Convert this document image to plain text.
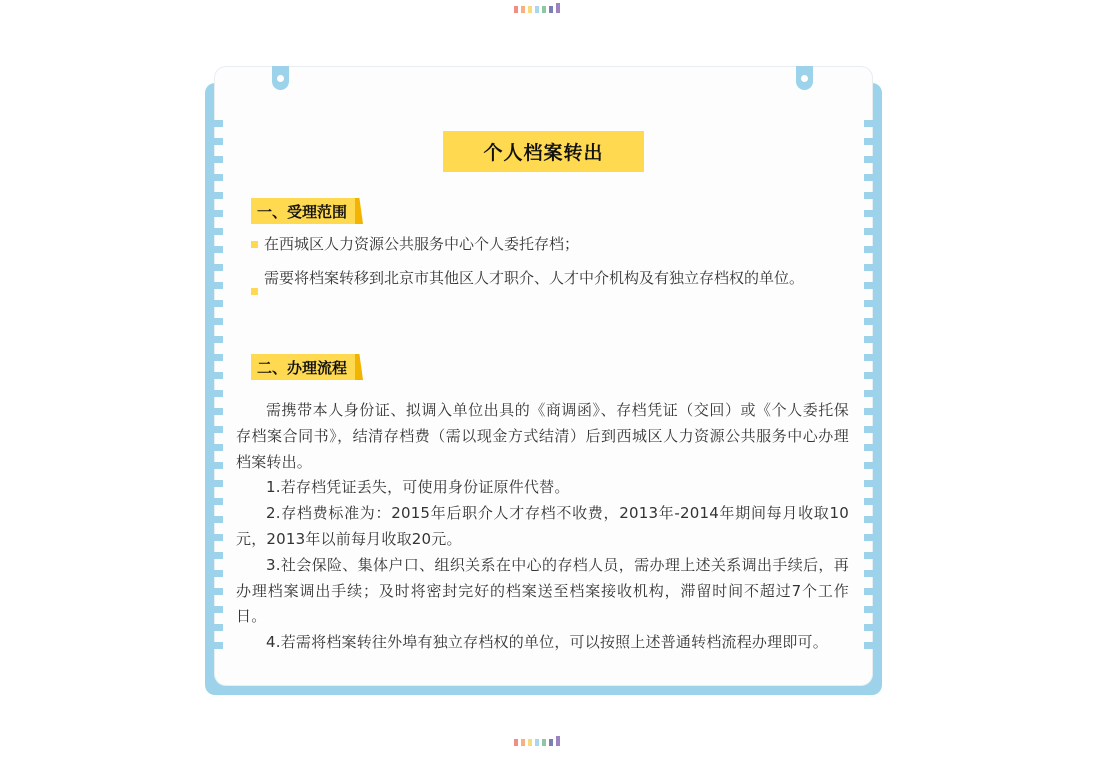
个人档案转出
一、受理范围
在西城区人力资源公共服务中心个人委托存档；
需要将档案转移到北京市其他区人才职介、人才中介机构及有独立存档权的单位。
二、办理流程

需携带本人身份证、拟调入单位出具的《商调函》、存档凭证（交回）或《个人委托保存档案合同书》，结清存档费（需以现金方式结清）后到西城区人力资源公共服务中心办理档案转出。

1.若存档凭证丢失，可使用身份证原件代替。

2.存档费标准为：2015年后职介人才存档不收费，2013年-2014年期间每月收取10元，2013年以前每月收取20元。

3.社会保险、集体户口、组织关系在中心的存档人员，需办理上述关系调出手续后，再办理档案调出手续；及时将密封完好的档案送至档案接收机构，滞留时间不超过7个工作日。

4.若需将档案转往外埠有独立存档权的单位，可以按照上述普通转档流程办理即可。
